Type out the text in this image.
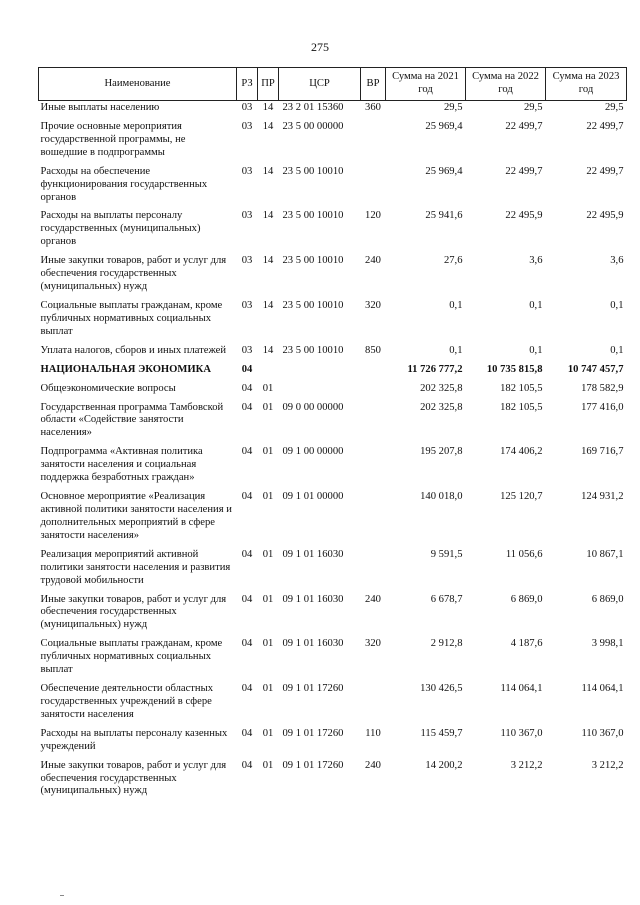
275
Наименование	РЗ	ПР	ЦСР	ВР	Сумма на 2021 год	Сумма на 2022 год	Сумма на 2023 год
Иные выплаты населению	03	14	23 2 01 15360	360	29,5	29,5	29,5
Прочие основные мероприятия государственной программы, не вошедшие в подпрограммы	03	14	23 5 00 00000		25 969,4	22 499,7	22 499,7
Расходы на обеспечение функционирования государственных органов	03	14	23 5 00 10010		25 969,4	22 499,7	22 499,7
Расходы на выплаты персоналу государственных (муниципальных) органов	03	14	23 5 00 10010	120	25 941,6	22 495,9	22 495,9
Иные закупки товаров, работ и услуг для обеспечения государственных (муниципальных) нужд	03	14	23 5 00 10010	240	27,6	3,6	3,6
Социальные выплаты гражданам, кроме публичных нормативных социальных выплат	03	14	23 5 00 10010	320	0,1	0,1	0,1
Уплата налогов, сборов и иных платежей	03	14	23 5 00 10010	850	0,1	0,1	0,1
НАЦИОНАЛЬНАЯ ЭКОНОМИКА	04				11 726 777,2	10 735 815,8	10 747 457,7
Общеэкономические вопросы	04	01			202 325,8	182 105,5	178 582,9
Государственная программа Тамбовской области «Содействие занятости населения»	04	01	09 0 00 00000		202 325,8	182 105,5	177 416,0
Подпрограмма «Активная политика занятости населения и социальная поддержка безработных граждан»	04	01	09 1 00 00000		195 207,8	174 406,2	169 716,7
Основное мероприятие «Реализация активной политики занятости населения и дополнительных мероприятий в сфере занятости населения»	04	01	09 1 01 00000		140 018,0	125 120,7	124 931,2
Реализация мероприятий активной политики занятости населения и развития трудовой мобильности	04	01	09 1 01 16030		9 591,5	11 056,6	10 867,1
Иные закупки товаров, работ и услуг для обеспечения государственных (муниципальных) нужд	04	01	09 1 01 16030	240	6 678,7	6 869,0	6 869,0
Социальные выплаты гражданам, кроме публичных нормативных социальных выплат	04	01	09 1 01 16030	320	2 912,8	4 187,6	3 998,1
Обеспечение деятельности областных государственных учреждений в сфере занятости населения	04	01	09 1 01 17260		130 426,5	114 064,1	114 064,1
Расходы на выплаты персоналу казенных учреждений	04	01	09 1 01 17260	110	115 459,7	110 367,0	110 367,0
Иные закупки товаров, работ и услуг для обеспечения государственных (муниципальных) нужд	04	01	09 1 01 17260	240	14 200,2	3 212,2	3 212,2
